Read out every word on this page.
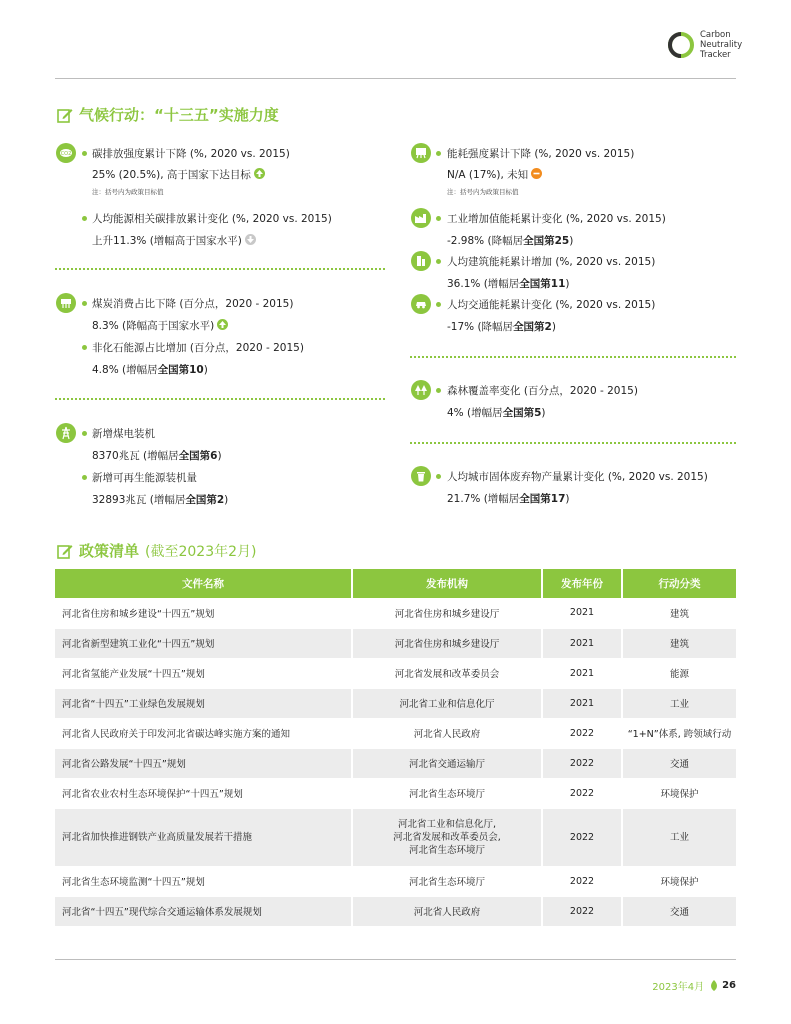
Carbon
Neutrality
Tracker
气候行动：“十三五”实施力度
CO2 碳排放强度累计下降 (%, 2020 vs. 2015)
25% (20.5%), 高于国家下达目标
注：括号内为政策目标值
人均能源相关碳排放累计变化 (%, 2020 vs. 2015)
上升11.3% (增幅高于国家水平)
煤炭消费占比下降 (百分点，2020 - 2015)
8.3% (降幅高于国家水平)
非化石能源占比增加 (百分点，2020 - 2015)
4.8% (增幅居全国第10)
新增煤电装机
8370兆瓦 (增幅居全国第6)
新增可再生能源装机量
32893兆瓦 (增幅居全国第2)
能耗强度累计下降 (%, 2020 vs. 2015)
N/A (17%), 未知
注：括号内为政策目标值
工业增加值能耗累计变化 (%, 2020 vs. 2015)
-2.98% (降幅居全国第25)
人均建筑能耗累计增加 (%, 2020 vs. 2015)
36.1% (增幅居全国第11)
人均交通能耗累计变化 (%, 2020 vs. 2015)
-17% (降幅居全国第2)
森林覆盖率变化 (百分点，2020 - 2015)
4% (增幅居全国第5)
人均城市固体废弃物产量累计变化 (%, 2020 vs. 2015)
21.7% (增幅居全国第17)
政策清单 (截至2023年2月)
文件名称	发布机构	发布年份	行动分类
河北省住房和城乡建设“十四五”规划	河北省住房和城乡建设厅	2021	建筑
河北省新型建筑工业化“十四五”规划	河北省住房和城乡建设厅	2021	建筑
河北省氢能产业发展“十四五”规划	河北省发展和改革委员会	2021	能源
河北省“十四五”工业绿色发展规划	河北省工业和信息化厅	2021	工业
河北省人民政府关于印发河北省碳达峰实施方案的通知	河北省人民政府	2022	“1+N”体系, 跨领域行动
河北省公路发展“十四五”规划	河北省交通运输厅	2022	交通
河北省农业农村生态环境保护“十四五”规划	河北省生态环境厅	2022	环境保护
河北省加快推进钢铁产业高质量发展若干措施	河北省工业和信息化厅,
河北省发展和改革委员会,
河北省生态环境厅	2022	工业
河北省生态环境监测“十四五”规划	河北省生态环境厅	2022	环境保护
河北省“十四五”现代综合交通运输体系发展规划	河北省人民政府	2022	交通
2023年4月 26
